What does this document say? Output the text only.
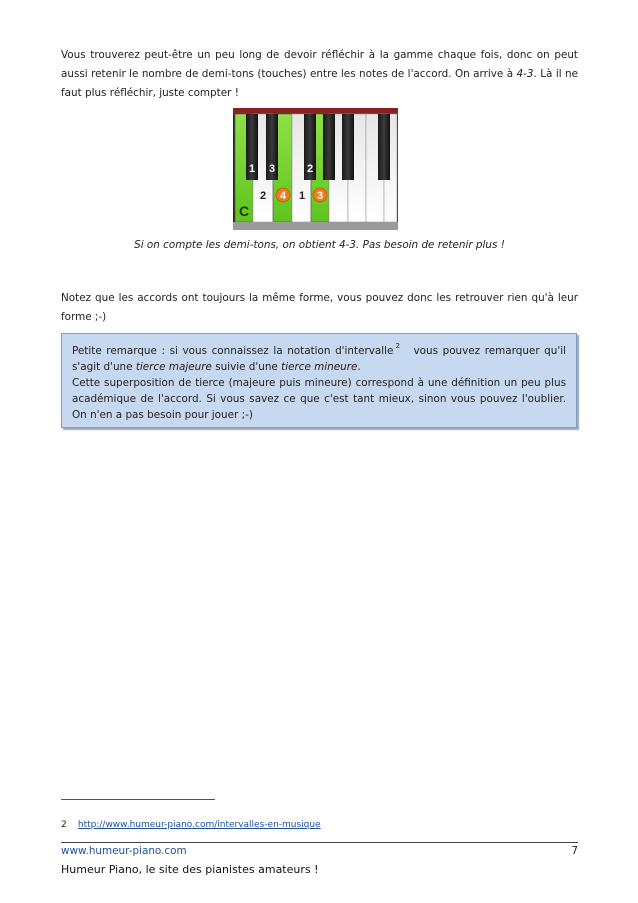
Vous trouverez peut-être un peu long de devoir réfléchir à la gamme chaque fois, donc on peut aussi retenir le nombre de demi-tons (touches) entre les notes de l'accord. On arrive à 4-3. Là il ne faut plus réfléchir, juste compter !

1 3	2
2 4 1 3
C

Si on compte les demi-tons, on obtient 4-3. Pas besoin de retenir plus !

Notez que les accords ont toujours la même forme, vous pouvez donc les retrouver rien qu'à leur forme ;-)

Petite remarque : si vous connaissez la notation d'intervalle $^2$ vous pouvez remarquer qu'il s'agit d'une tierce majeure suivie d'une tierce mineure.

Cette superposition de tierce (majeure puis mineure) correspond à une définition un peu plus académique de l'accord. Si vous savez ce que c'est tant mieux, sinon vous pouvez l'oublier. On n'en a pas besoin pour jouer ;-)

2 http://www.humeur-piano.com/intervalles-en-musique
www.humeur-piano.com	7
Humeur Piano, le site des pianistes amateurs !
